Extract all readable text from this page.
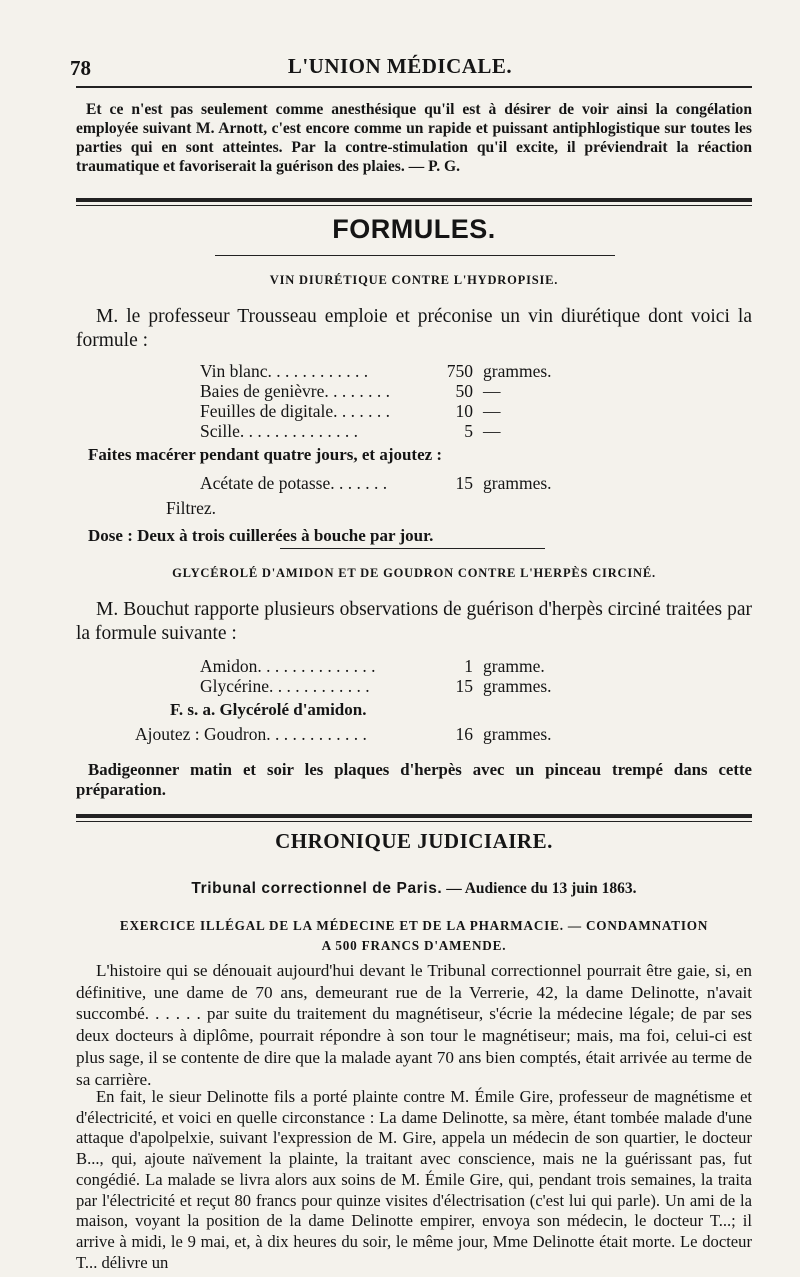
78	L'UNION MÉDICALE.

Et ce n'est pas seulement comme anesthésique qu'il est à désirer de voir ainsi la congélation employée suivant M. Arnott, c'est encore comme un rapide et puissant antiphlogistique sur toutes les parties qui en sont atteintes. Par la contre-stimulation qu'il excite, il préviendrait la réaction traumatique et favoriserait la guérison des plaies. — P. G.

FORMULES.
VIN DIURÉTIQUE CONTRE L'HYDROPISIE.

M. le professeur Trousseau emploie et préconise un vin diurétique dont voici la formule :

Vin blanc. . . . . . . . . . . .	750 grammes.
Baies de genièvre. . . . . . . .	50 —
Feuilles de digitale. . . . . . .	10 —
Scille. . . . . . . . . . . . . .	5 —
Faites macérer pendant quatre jours, et ajoutez :
Acétate de potasse. . . . . . .	15 grammes.
Filtrez.
Dose : Deux à trois cuillerées à bouche par jour.
GLYCÉROLÉ D'AMIDON ET DE GOUDRON CONTRE L'HERPÈS CIRCINÉ.

M. Bouchut rapporte plusieurs observations de guérison d'herpès circiné traitées par la formule suivante :

Amidon. . . . . . . . . . . . . .	1 gramme.
Glycérine. . . . . . . . . . . .	15 grammes.
F. s. a. Glycérolé d'amidon.
Ajoutez : Goudron. . . . . . . . . . . .	16 grammes.

Badigeonner matin et soir les plaques d'herpès avec un pinceau trempé dans cette préparation.

CHRONIQUE JUDICIAIRE.
Tribunal correctionnel de Paris. — Audience du 13 juin 1863.
EXERCICE ILLÉGAL DE LA MÉDECINE ET DE LA PHARMACIE. — CONDAMNATION
A 500 FRANCS D'AMENDE.

L'histoire qui se dénouait aujourd'hui devant le Tribunal correctionnel pourrait être gaie, si, en définitive, une dame de 70 ans, demeurant rue de la Verrerie, 42, la dame Delinotte, n'avait succombé. . . . . . par suite du traitement du magnétiseur, s'écrie la médecine légale; de par ses deux docteurs à diplôme, pourrait répondre à son tour le magnétiseur; mais, ma foi, celui-ci est plus sage, il se contente de dire que la malade ayant 70 ans bien comptés, était arrivée au terme de sa carrière.

En fait, le sieur Delinotte fils a porté plainte contre M. Émile Gire, professeur de magnétisme et d'électricité, et voici en quelle circonstance : La dame Delinotte, sa mère, étant tombée malade d'une attaque d'apolpelxie, suivant l'expression de M. Gire, appela un médecin de son quartier, le docteur B..., qui, ajoute naïvement la plainte, la traitant avec conscience, mais ne la guérissant pas, fut congédié. La malade se livra alors aux soins de M. Émile Gire, qui, pendant trois semaines, la traita par l'électricité et reçut 80 francs pour quinze visites d'électrisation (c'est lui qui parle). Un ami de la maison, voyant la position de la dame Delinotte empirer, envoya son médecin, le docteur T...; il arrive à midi, le 9 mai, et, à dix heures du soir, le même jour, Mme Delinotte était morte. Le docteur T... délivre un
